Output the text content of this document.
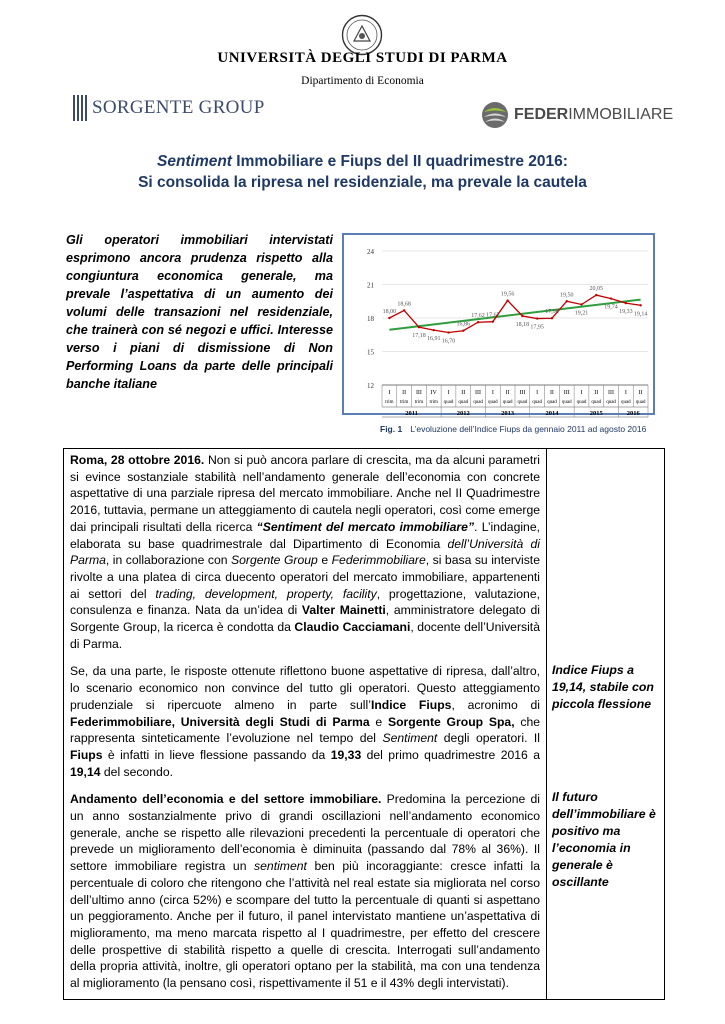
UNIVERSITÀ DEGLI STUDI DI PARMA
Dipartimento di Economia
SORGENTE GROUP	FEDERIMMOBILIARE
Sentiment Immobiliare e Fiups del II quadrimestre 2016:
Si consolida la ripresa nel residenziale, ma prevale la cautela
Gli operatori immobiliari intervistati esprimono ancora prudenza rispetto alla congiuntura economica generale, ma prevale l’aspettativa di un aumento dei volumi delle transazioni nel residenziale, che trainerà con sé negozi e uffici. Interesse verso i piani di dismissione di Non Performing Loans da parte delle principali banche italiane	12
15
18
21
24
I
trim
II
trim
III
trim
IV
trim
I
quad
II
quad
III
quad
I
quad
II
quad
III
quad
I
quad
II
quad
III
quad
I
quad
II
quad
III
quad
I
quad
II
quad
2011	2012	2013	2014	2015	2016
18,00
18,68
17,18
16,91 16,70
16,86
17,62 17,67
19,56
18,18 17,95
17,98
19,50
19,21
20,05
19,74
19,33 19,14
Fig. 1 L’evoluzione dell’Indice Fiups da gennaio 2011 ad agosto 2016

Roma, 28 ottobre 2016. Non si può ancora parlare di crescita, ma da alcuni parametri si evince sostanziale stabilità nell’andamento generale dell’economia con concrete aspettative di una parziale ripresa del mercato immobiliare. Anche nel II Quadrimestre 2016, tuttavia, permane un atteggiamento di cautela negli operatori, così come emerge dai principali risultati della ricerca “Sentiment del mercato immobiliare”. L’indagine, elaborata su base quadrimestrale dal Dipartimento di Economia dell’Università di Parma, in collaborazione con Sorgente Group e Federimmobiliare, si basa su interviste rivolte a una platea di circa duecento operatori del mercato immobiliare, appartenenti ai settori del trading, development, property, facility, progettazione, valutazione, consulenza e finanza. Nata da un’idea di Valter Mainetti, amministratore delegato di Sorgente Group, la ricerca è condotta da Claudio Cacciamani, docente dell’Università di Parma.

Se, da una parte, le risposte ottenute riflettono buone aspettative di ripresa, dall’altro, lo scenario economico non convince del tutto gli operatori. Questo atteggiamento prudenziale si ripercuote almeno in parte sull’Indice Fiups, acronimo di Federimmobiliare, Università degli Studi di Parma e Sorgente Group Spa, che rappresenta sinteticamente l’evoluzione nel tempo del Sentiment degli operatori. Il Fiups è infatti in lieve flessione passando da 19,33 del primo quadrimestre 2016 a 19,14 del secondo.

Andamento dell’economia e del settore immobiliare. Predomina la percezione di un anno sostanzialmente privo di grandi oscillazioni nell’andamento economico generale, anche se rispetto alle rilevazioni precedenti la percentuale di operatori che prevede un miglioramento dell’economia è diminuita (passando dal 78% al 36%). Il settore immobiliare registra un sentiment ben più incoraggiante: cresce infatti la percentuale di coloro che ritengono che l’attività nel real estate sia migliorata nel corso dell’ultimo anno (circa 52%) e scompare del tutto la percentuale di quanti si aspettano un peggioramento. Anche per il futuro, il panel intervistato mantiene un’aspettativa di miglioramento, ma meno marcata rispetto al I quadrimestre, per effetto del crescere delle prospettive di stabilità rispetto a quelle di crescita. Interrogati sull’andamento della propria attività, inoltre, gli operatori optano per la stabilità, ma con una tendenza al miglioramento (la pensano così, rispettivamente il 51 e il 43% degli intervistati).

Indice Fiups a 19,14, stabile con piccola flessione
Il futuro dell’immobiliare è positivo ma l’economia in generale è oscillante
